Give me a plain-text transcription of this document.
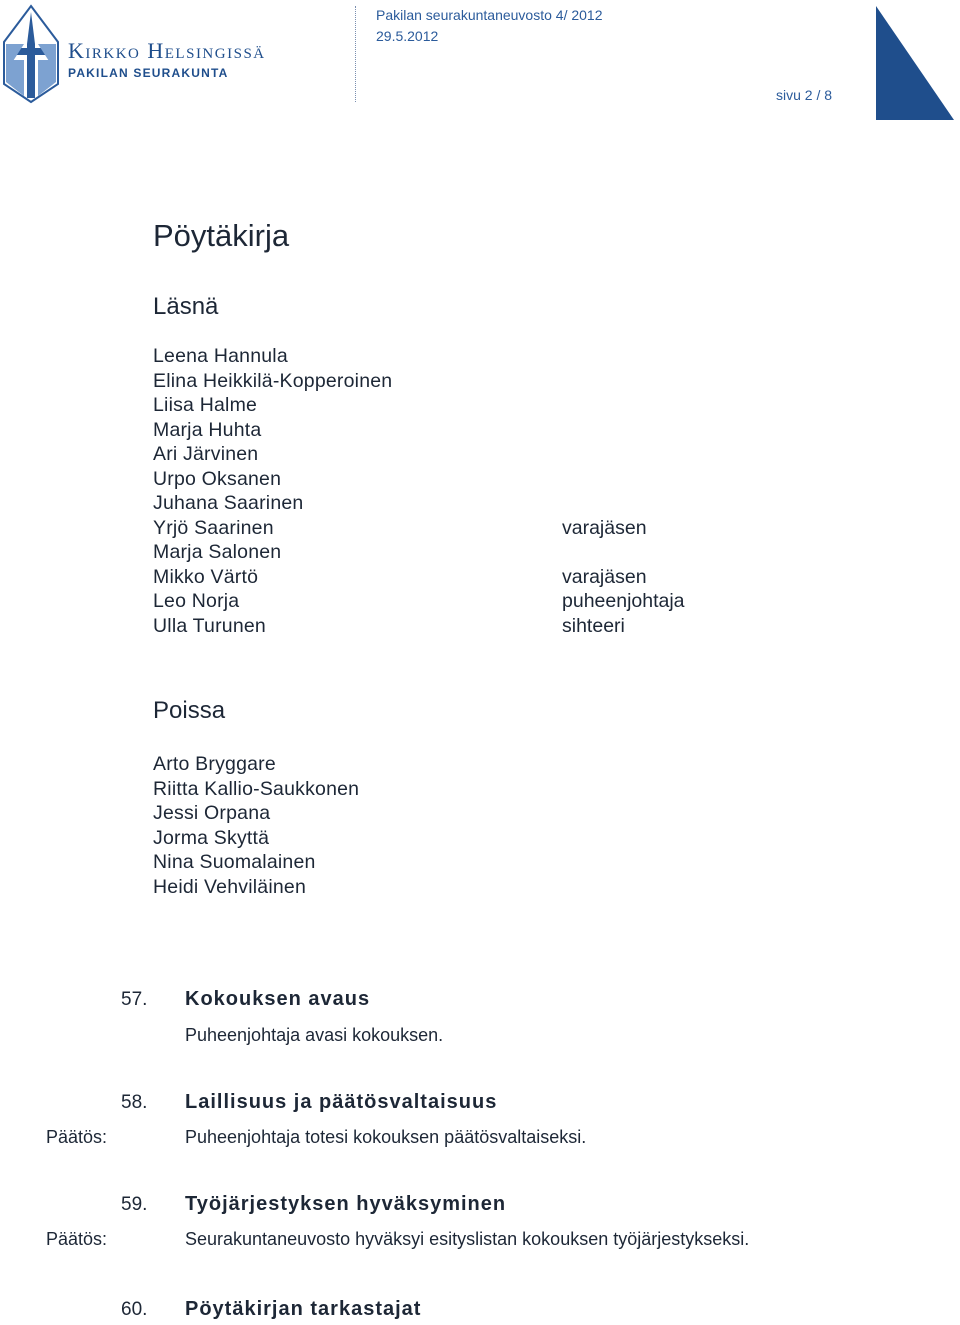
Kirkko Helsingissä
PAKILAN SEURAKUNTA
Pakilan seurakuntaneuvosto 4/ 2012
29.5.2012
sivu 2 / 8
Pöytäkirja
Läsnä
Leena Hannula
Elina Heikkilä-Kopperoinen
Liisa Halme
Marja Huhta
Ari Järvinen
Urpo Oksanen
Juhana Saarinen
Yrjö Saarinen
Marja Salonen
Mikko Värtö
Leo Norja
Ulla Turunen
varajäsen
varajäsen
puheenjohtaja
sihteeri
Poissa
Arto Bryggare
Riitta Kallio-Saukkonen
Jessi Orpana
Jorma Skyttä
Nina Suomalainen
Heidi Vehviläinen
57. Kokouksen avaus
Puheenjohtaja avasi kokouksen.
58. Laillisuus ja päätösvaltaisuus
Päätös:	Puheenjohtaja totesi kokouksen päätösvaltaiseksi.
59. Työjärjestyksen hyväksyminen
Päätös:	Seurakuntaneuvosto hyväksyi esityslistan kokouksen työjärjestykseksi.
60. Pöytäkirjan tarkastajat
